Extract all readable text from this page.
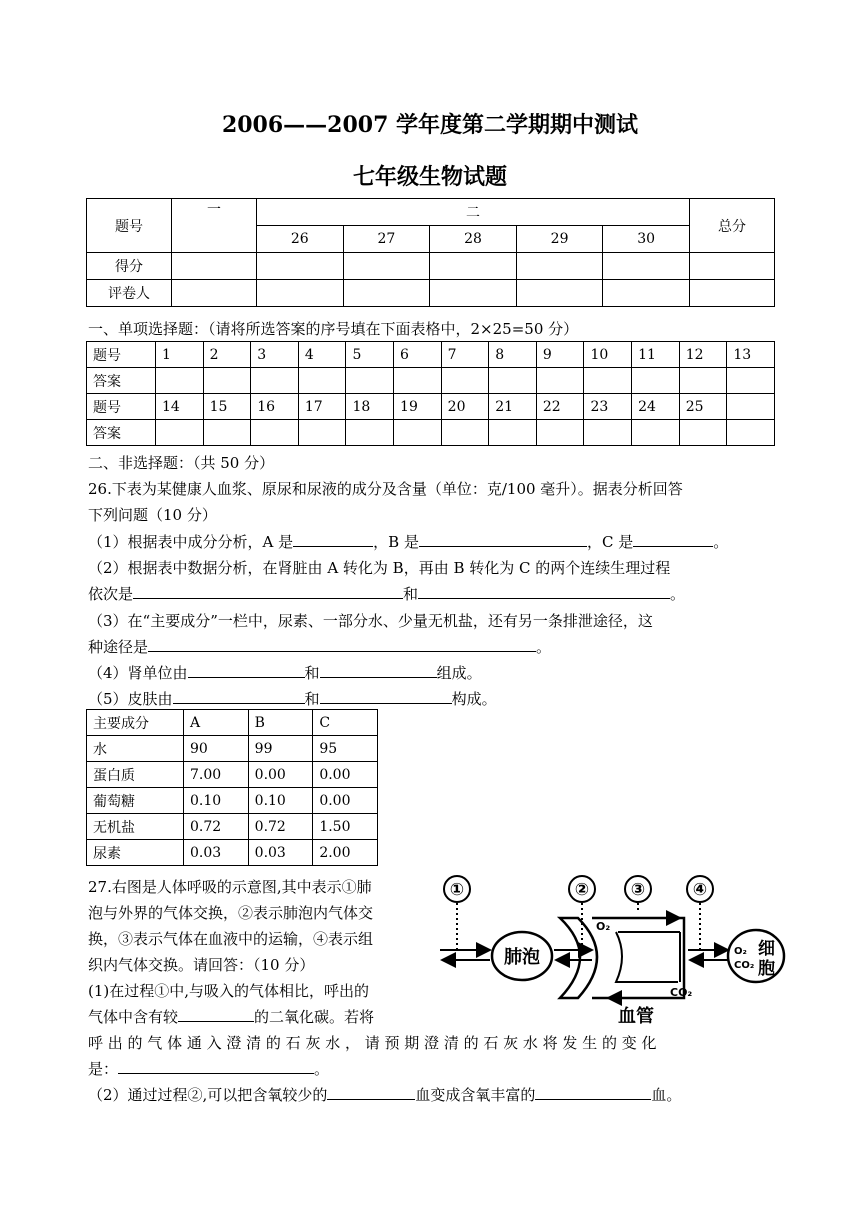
2006——2007 学年度第二学期期中测试
七年级生物试题
题号	一	二					总分
		26	27	28	29	30	
得分							
评卷人							
一、单项选择题：（请将所选答案的序号填在下面表格中，2×25=50 分）
题号	1	2	3	4	5	6	7	8	9	10	11	12	13
答案													
题号	14	15	16	17	18	19	20	21	22	23	24	25	
答案													
二、非选择题：（共 50 分）
26.下表为某健康人血浆、原尿和尿液的成分及含量（单位：克/100 毫升）。据表分析回答
下列问题（10 分）
（1）根据表中成分分析，A 是	，B 是	，C 是	。
（2）根据表中数据分析，在肾脏由 A 转化为 B，再由 B 转化为 C 的两个连续生理过程
依次是	和	。
（3）在“主要成分”一栏中，尿素、一部分水、少量无机盐，还有另一条排泄途径，这
种途径是	。
（4）肾单位由	和	组成。
（5）皮肤由	和	构成。
主要成分	A	B	C
水	90	99	95
蛋白质	7.00	0.00	0.00
葡萄糖	0.10	0.10	0.00
无机盐	0.72	0.72	1.50
尿素	0.03	0.03	2.00
27.右图是人体呼吸的示意图,其中表示①肺
泡与外界的气体交换，②表示肺泡内气体交
换，③表示气体在血液中的运输，④表示组
织内气体交换。请回答：（10 分）
(1)在过程①中,与吸入的气体相比，呼出的
气体中含有较	的二氧化碳。若将
呼 出 的 气 体 通 入 澄 清 的 石 灰 水 ， 请 预 期 澄 清 的 石 灰 水 将 发 生 的 变 化
是：	。
（2）通过过程②,可以把含氧较少的	血变成含氧丰富的	血。
①	② ③	④
肺泡
O₂
CO₂
血管
O₂
CO₂
细
胞
